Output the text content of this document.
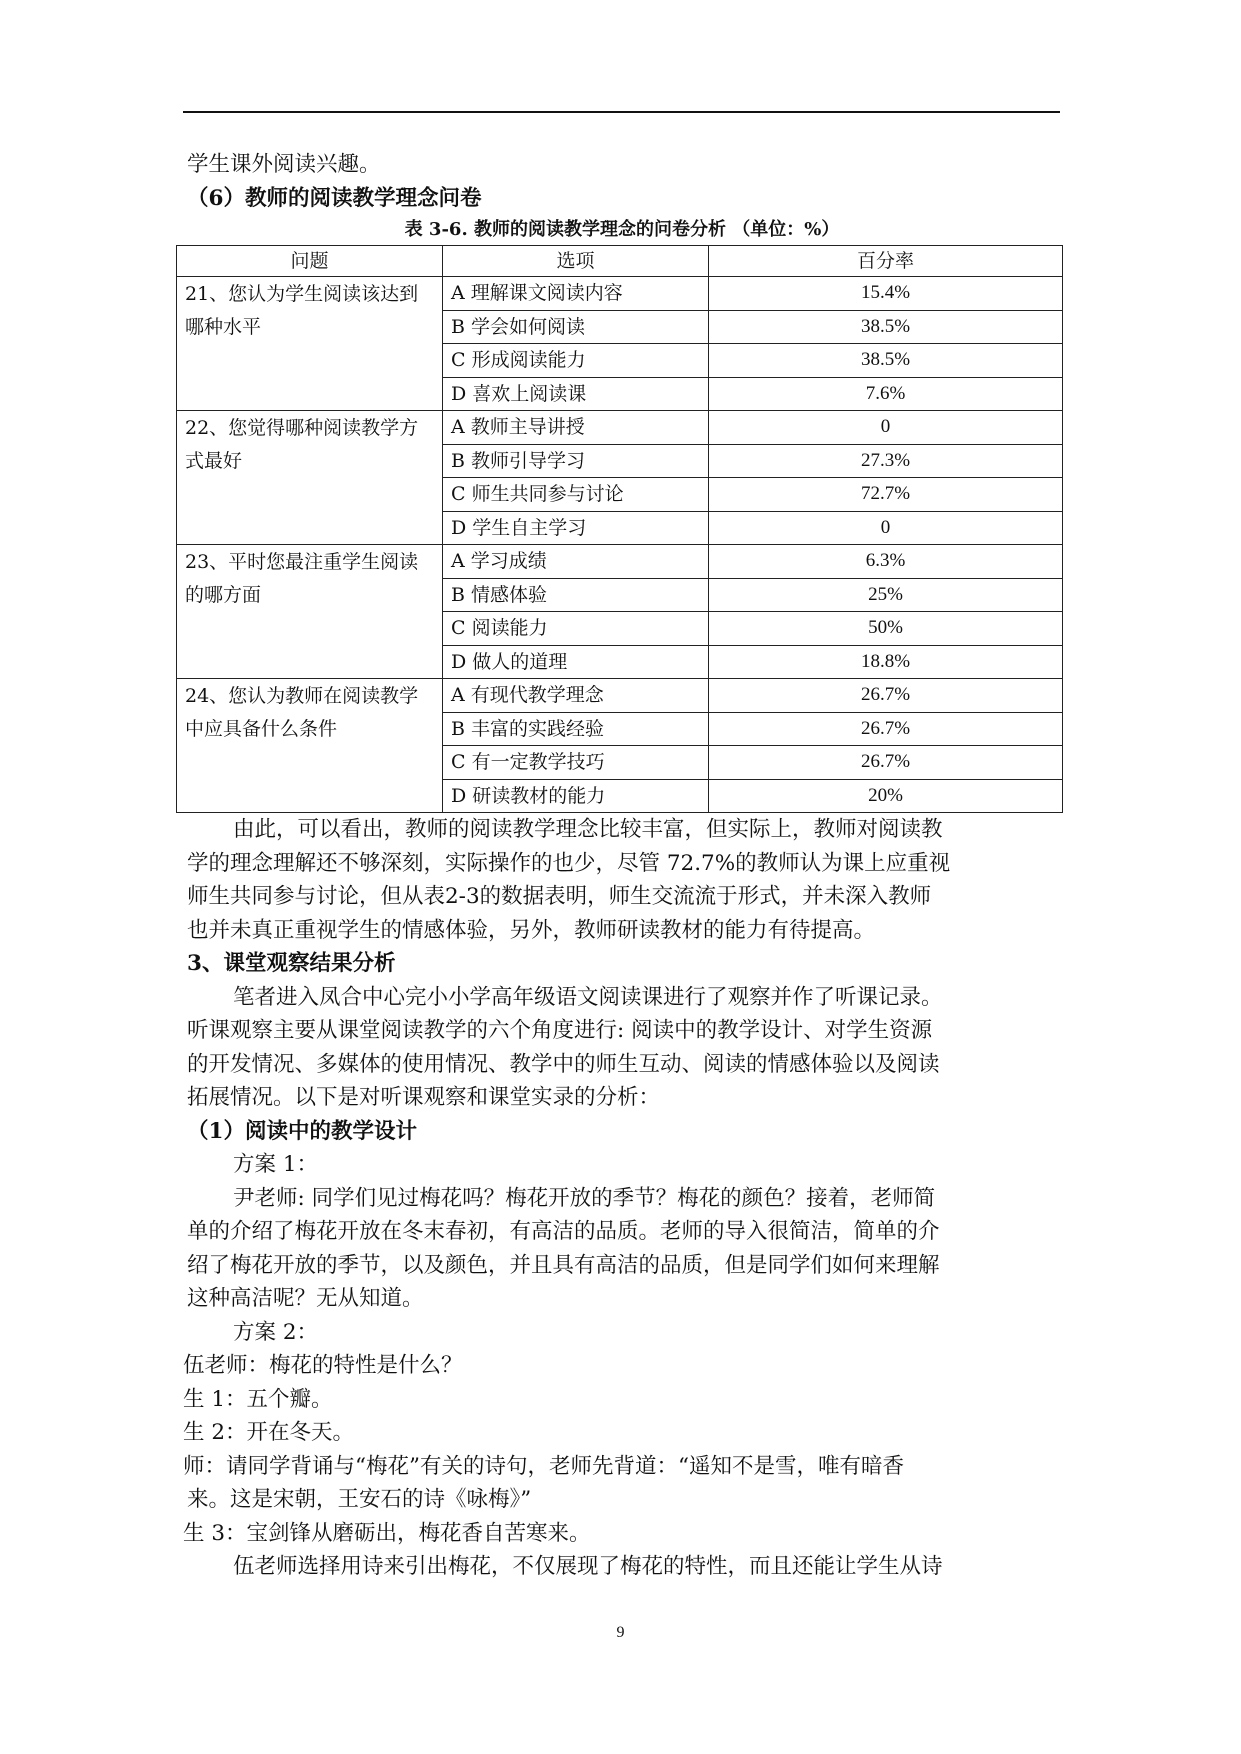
学生课外阅读兴趣。
（6）教师的阅读教学理念问卷
表 3-6. 教师的阅读教学理念的问卷分析 （单位：%）
问题	选项	百分率
21、您认为学生阅读该达到哪种水平	A 理解课文阅读内容	15.4%
	B 学会如何阅读	38.5%
	C 形成阅读能力	38.5%
	D 喜欢上阅读课	7.6%
22、您觉得哪种阅读教学方式最好	A 教师主导讲授	0
	B 教师引导学习	27.3%
	C 师生共同参与讨论	72.7%
	D 学生自主学习	0
23、平时您最注重学生阅读的哪方面	A 学习成绩	6.3%
	B 情感体验	25%
	C 阅读能力	50%
	D 做人的道理	18.8%
24、您认为教师在阅读教学中应具备什么条件	A 有现代教学理念	26.7%
	B 丰富的实践经验	26.7%
	C 有一定教学技巧	26.7%
	D 研读教材的能力	20%
由此，可以看出，教师的阅读教学理念比较丰富，但实际上，教师对阅读教
学的理念理解还不够深刻，实际操作的也少，尽管 72.7%的教师认为课上应重视
师生共同参与讨论，但从表2-3的数据表明，师生交流流于形式，并未深入教师
也并未真正重视学生的情感体验，另外，教师研读教材的能力有待提高。
3、课堂观察结果分析
笔者进入凤合中心完小小学高年级语文阅读课进行了观察并作了听课记录。
听课观察主要从课堂阅读教学的六个角度进行: 阅读中的教学设计、对学生资源
的开发情况、多媒体的使用情况、教学中的师生互动、阅读的情感体验以及阅读
拓展情况。以下是对听课观察和课堂实录的分析：
（1）阅读中的教学设计
方案 1：
尹老师: 同学们见过梅花吗？梅花开放的季节？梅花的颜色？接着，老师简
单的介绍了梅花开放在冬末春初，有高洁的品质。老师的导入很简洁，简单的介
绍了梅花开放的季节，以及颜色，并且具有高洁的品质，但是同学们如何来理解
这种高洁呢？无从知道。
方案 2：
伍老师：梅花的特性是什么？
生 1：五个瓣。
生 2：开在冬天。
师：请同学背诵与“梅花”有关的诗句，老师先背道：“遥知不是雪，唯有暗香
来。这是宋朝，王安石的诗《咏梅》”
生 3：宝剑锋从磨砺出，梅花香自苦寒来。
伍老师选择用诗来引出梅花，不仅展现了梅花的特性，而且还能让学生从诗
9
